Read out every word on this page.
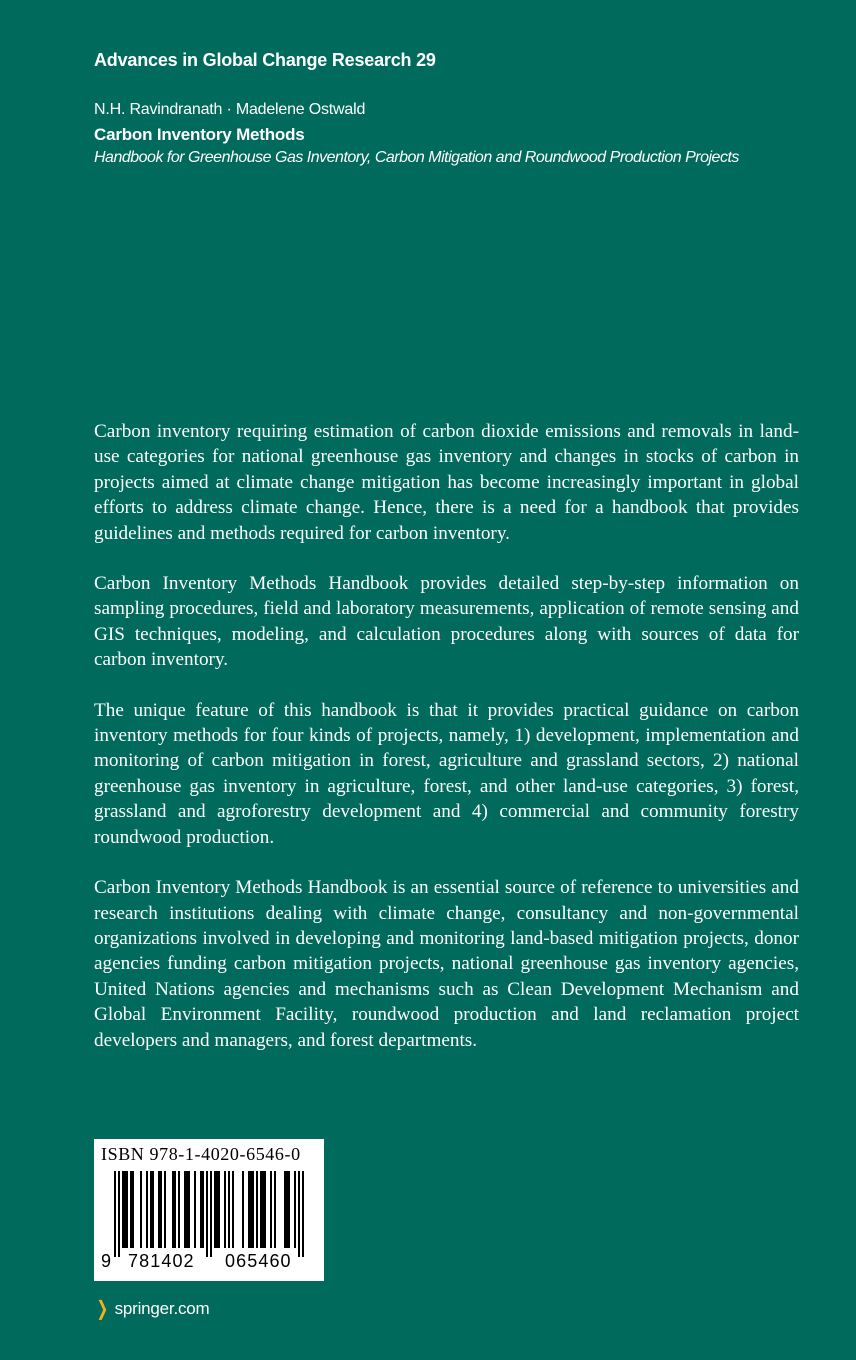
Advances in Global Change Research 29
N.H. Ravindranath · Madelene Ostwald
Carbon Inventory Methods
Handbook for Greenhouse Gas Inventory, Carbon Mitigation and Roundwood Production Projects

Carbon inventory requiring estimation of carbon dioxide emissions and removals in land-use categories for national greenhouse gas inventory and changes in stocks of carbon in projects aimed at climate change mitigation has become increasingly important in global efforts to address climate change. Hence, there is a need for a handbook that provides guidelines and methods required for carbon inventory.

Carbon Inventory Methods Handbook provides detailed step-by-step information on sampling procedures, field and laboratory measurements, application of remote sensing and GIS techniques, modeling, and calculation procedures along with sources of data for carbon inventory.

The unique feature of this handbook is that it provides practical guidance on carbon inventory methods for four kinds of projects, namely, 1) development, implementation and monitoring of carbon mitigation in forest, agriculture and grassland sectors, 2) national greenhouse gas inventory in agriculture, forest, and other land-use categories, 3) forest, grassland and agroforestry development and 4) commercial and community forestry roundwood production.

Carbon Inventory Methods Handbook is an essential source of reference to universities and research institutions dealing with climate change, consultancy and non-governmental organizations involved in developing and monitoring land-based mitigation projects, donor agencies funding carbon mitigation projects, national greenhouse gas inventory agencies, United Nations agencies and mechanisms such as Clean Development Mechanism and Global Environment Facility, roundwood production and land reclamation project developers and managers, and forest departments.

ISBN 978-1-4020-6546-0
9 781402 065460
❯ springer.com
